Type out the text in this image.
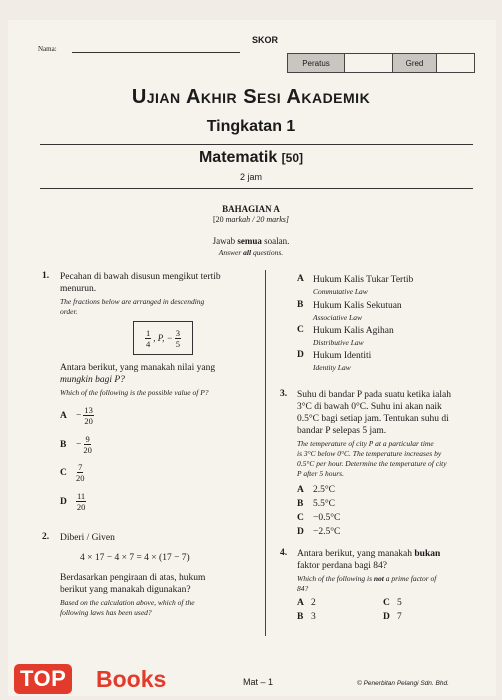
Nama:
SKOR
Peratus	Gred
Ujian Akhir Sesi Akademik
Tingkatan 1
Matematik [50]
2 jam
BAHAGIAN A
[20 markah / 20 marks]
Jawab semua soalan.
Answer all questions.
1. Pecahan di bawah disusun mengikut tertib
menurun.
The fractions below are arranged in descending
order.
$\frac{1}{4}$ , P, − $\frac{3}{5}$
Antara berikut, yang manakah nilai yang
mungkin bagi P?
Which of the following is the possible value of P?
$A - \frac{13}{20}$
$B - \frac{9}{20}$
C $\frac{7}{20}$
D $\frac{11}{20}$
2. Diberi / Given
4 × 17 − 4 × 7 = 4 × (17 − 7)
Berdasarkan pengiraan di atas, hukum
berikut yang manakah digunakan?
Based on the calculation above, which of the
following laws has been used?
A Hukum Kalis Tukar Tertib
Commutative Law
B Hukum Kalis Sekutuan
Associative Law
C Hukum Kalis Agihan
Distributive Law
D Hukum Identiti
Identity Law
3. Suhu di bandar P pada suatu ketika ialah
3°C di bawah 0°C. Suhu ini akan naik
0.5°C bagi setiap jam. Tentukan suhu di
bandar P selepas 5 jam.
The temperature of city P at a particular time
is 3°C below 0°C. The temperature increases by
0.5°C per hour. Determine the temperature of city
P after 5 hours.
A 2.5°C
B 5.5°C
C −0.5°C
D −2.5°C
4. Antara berikut, yang manakah bukan
faktor perdana bagi 84?
Which of the following is not a prime factor of
84?
A 2
B 3
C 5
D 7
Mat – 1	© Penerbitan Pelangi Sdn. Bhd.
TOP Books
